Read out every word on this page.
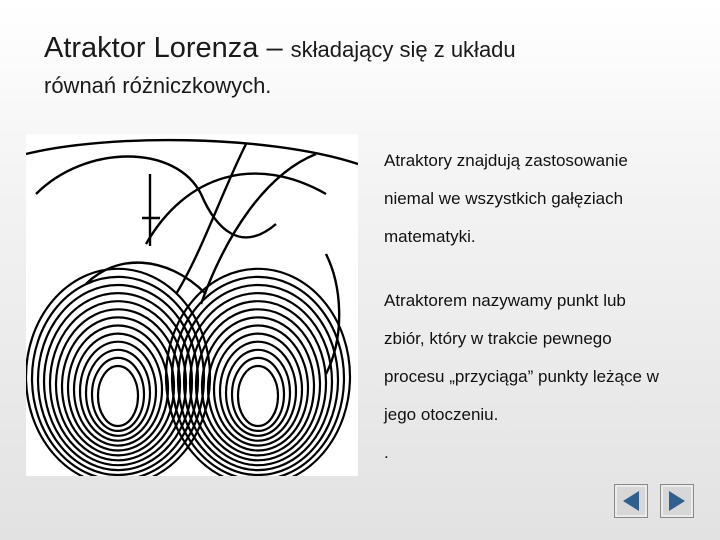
Atraktor Lorenza – składający się z układu
równań różniczkowych.

Atraktory znajdują zastosowanie

niemal we wszystkich gałęziach

matematyki.

Atraktorem nazywamy punkt lub

zbiór, który w trakcie pewnego

procesu „przyciąga” punkty leżące w

jego otoczeniu.

.
